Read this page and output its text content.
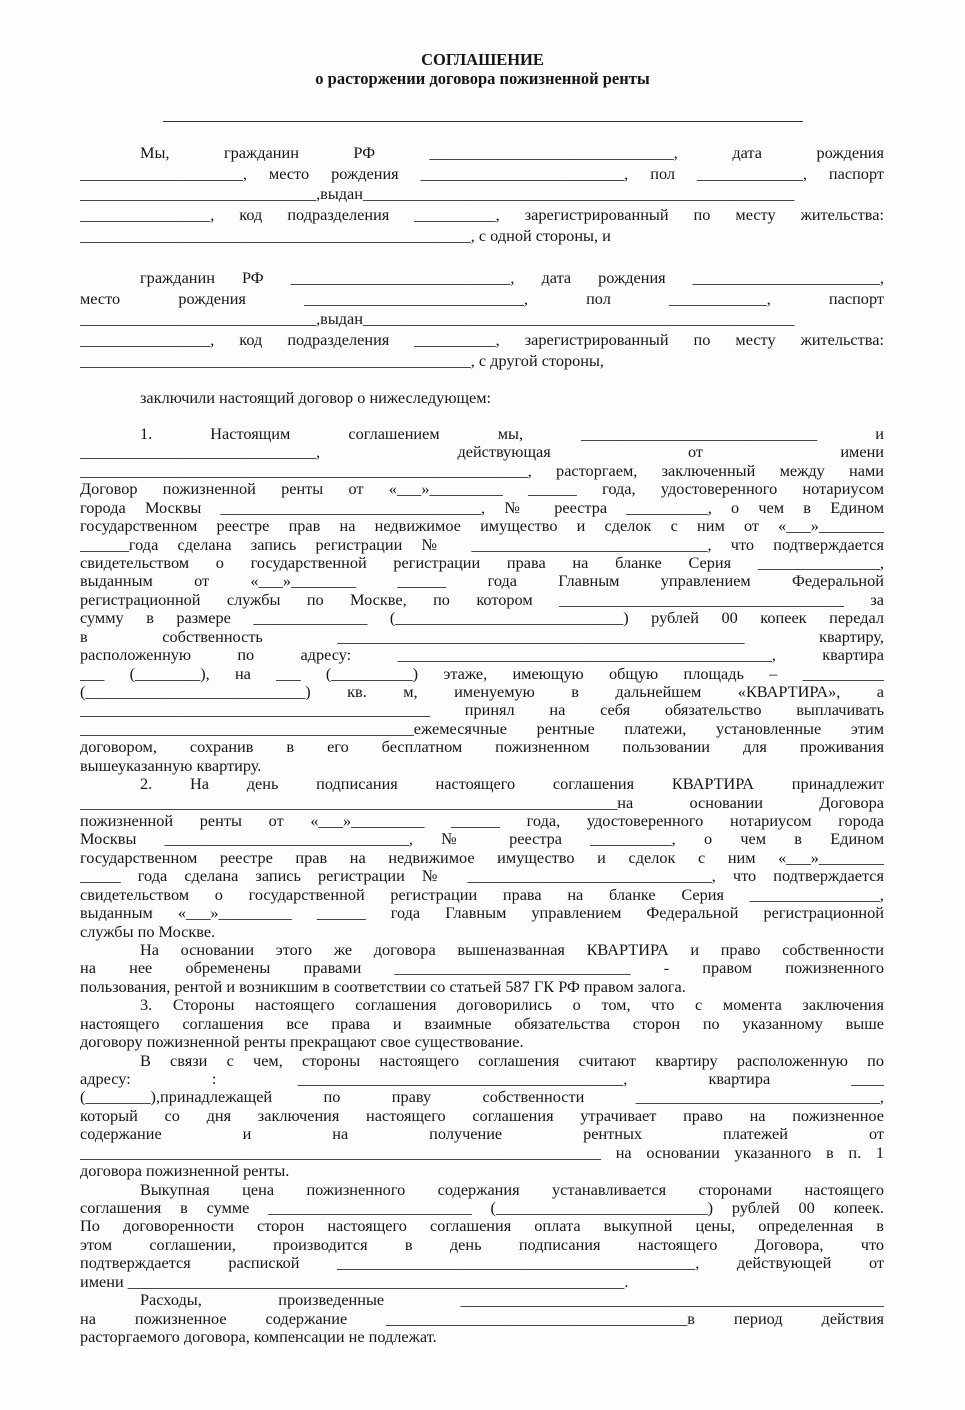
СОГЛАШЕНИЕ
о расторжении договора пожизненной ренты
Мы, гражданин РФ ______________________________, дата рождения
____________________, место рождения _________________________, пол _____________, паспорт
_____________________________,выдан_____________________________________________________
________________, код подразделения __________, зарегистрированный по месту жительства:
________________________________________________, с одной стороны, и
гражданин РФ ___________________________, дата рождения _______________________,
место рождения ___________________________, пол ____________, паспорт
_____________________________,выдан_____________________________________________________
________________, код подразделения __________, зарегистрированный по месту жительства:
________________________________________________, с другой стороны,
заключили настоящий договор о нижеследующем:
1. Настоящим соглашением мы, _____________________________ и
_____________________________, действующая от имени
_______________________________________________________, расторгаем, заключенный между нами
Договор пожизненной ренты от «___»_________ ______ года, удостоверенного нотариусом
города Москвы ________________________________, № реестра __________, о чем в Едином
государственном реестре прав на недвижимое имущество и сделок с ним от «___»________
______года сделана запись регистрации № _____________________________, что подтверждается
свидетельством о государственной регистрации права на бланке Серия _______________,
выданным от «___»________ ______ года Главным управлением Федеральной
регистрационной службы по Москве, по котором ___________________________________ за
сумму в размере ______________ (____________________________) рублей 00 копеек передал
в собственность __________________________________________________ квартиру,
расположенную по адресу: ______________________________________________, квартира
___ (________), на ___ (__________) этаже, имеющую общую площадь – __________
(___________________________) кв. м, именуемую в дальнейшем «КВАРТИРА», а
___________________________________________ принял на себя обязательство выплачивать
_________________________________________ежемесячные рентные платежи, установленные этим
договором, сохранив в его бесплатном пожизненном пользовании для проживания
вышеуказанную квартиру.
2. На день подписания настоящего соглашения КВАРТИРА принадлежит
__________________________________________________________________на основании Договора
пожизненной ренты от «___»_________ ______ года, удостоверенного нотариусом города
Москвы ______________________________, № реестра __________, о чем в Едином
государственном реестре прав на недвижимое имущество и сделок с ним «___»________
_____ года сделана запись регистрации № ______________________________, что подтверждается
свидетельством о государственной регистрации права на бланке Серия ________________,
выданным «___»_________ ______ года Главным управлением Федеральной регистрационной
службы по Москве.
На основании этого же договора вышеназванная КВАРТИРА и право собственности
на нее обременены правами _____________________________ - правом пожизненного
пользования, рентой и возникшим в соответствии со статьей 587 ГК РФ правом залога.
3. Стороны настоящего соглашения договорились о том, что с момента заключения
настоящего соглашения все права и взаимные обязательства сторон по указанному выше
договору пожизненной ренты прекращают свое существование.
В связи с чем, стороны настоящего соглашения считают квартиру расположенную по
адресу: : ________________________________________, квартира ____
(________),принадлежащей по праву собственности ______________________________,
который со дня заключения настоящего соглашения утрачивает право на пожизненное
содержание и на получение рентных платежей от
________________________________________________________________ на основании указанного в п. 1
договора пожизненной ренты.
Выкупная цена пожизненного содержания устанавливается сторонами настоящего
соглашения в сумме _________________________ (__________________________) рублей 00 копеек.
По договоренности сторон настоящего соглашения оплата выкупной цены, определенная в
этом соглашении, производится в день подписания настоящего Договора, что
подтверждается распиской ____________________________________________, действующей от
имени _____________________________________________________________.
Расходы, произведенные ____________________________________________________
на пожизненное содержание _____________________________________в период действия
расторгаемого договора, компенсации не подлежат.
